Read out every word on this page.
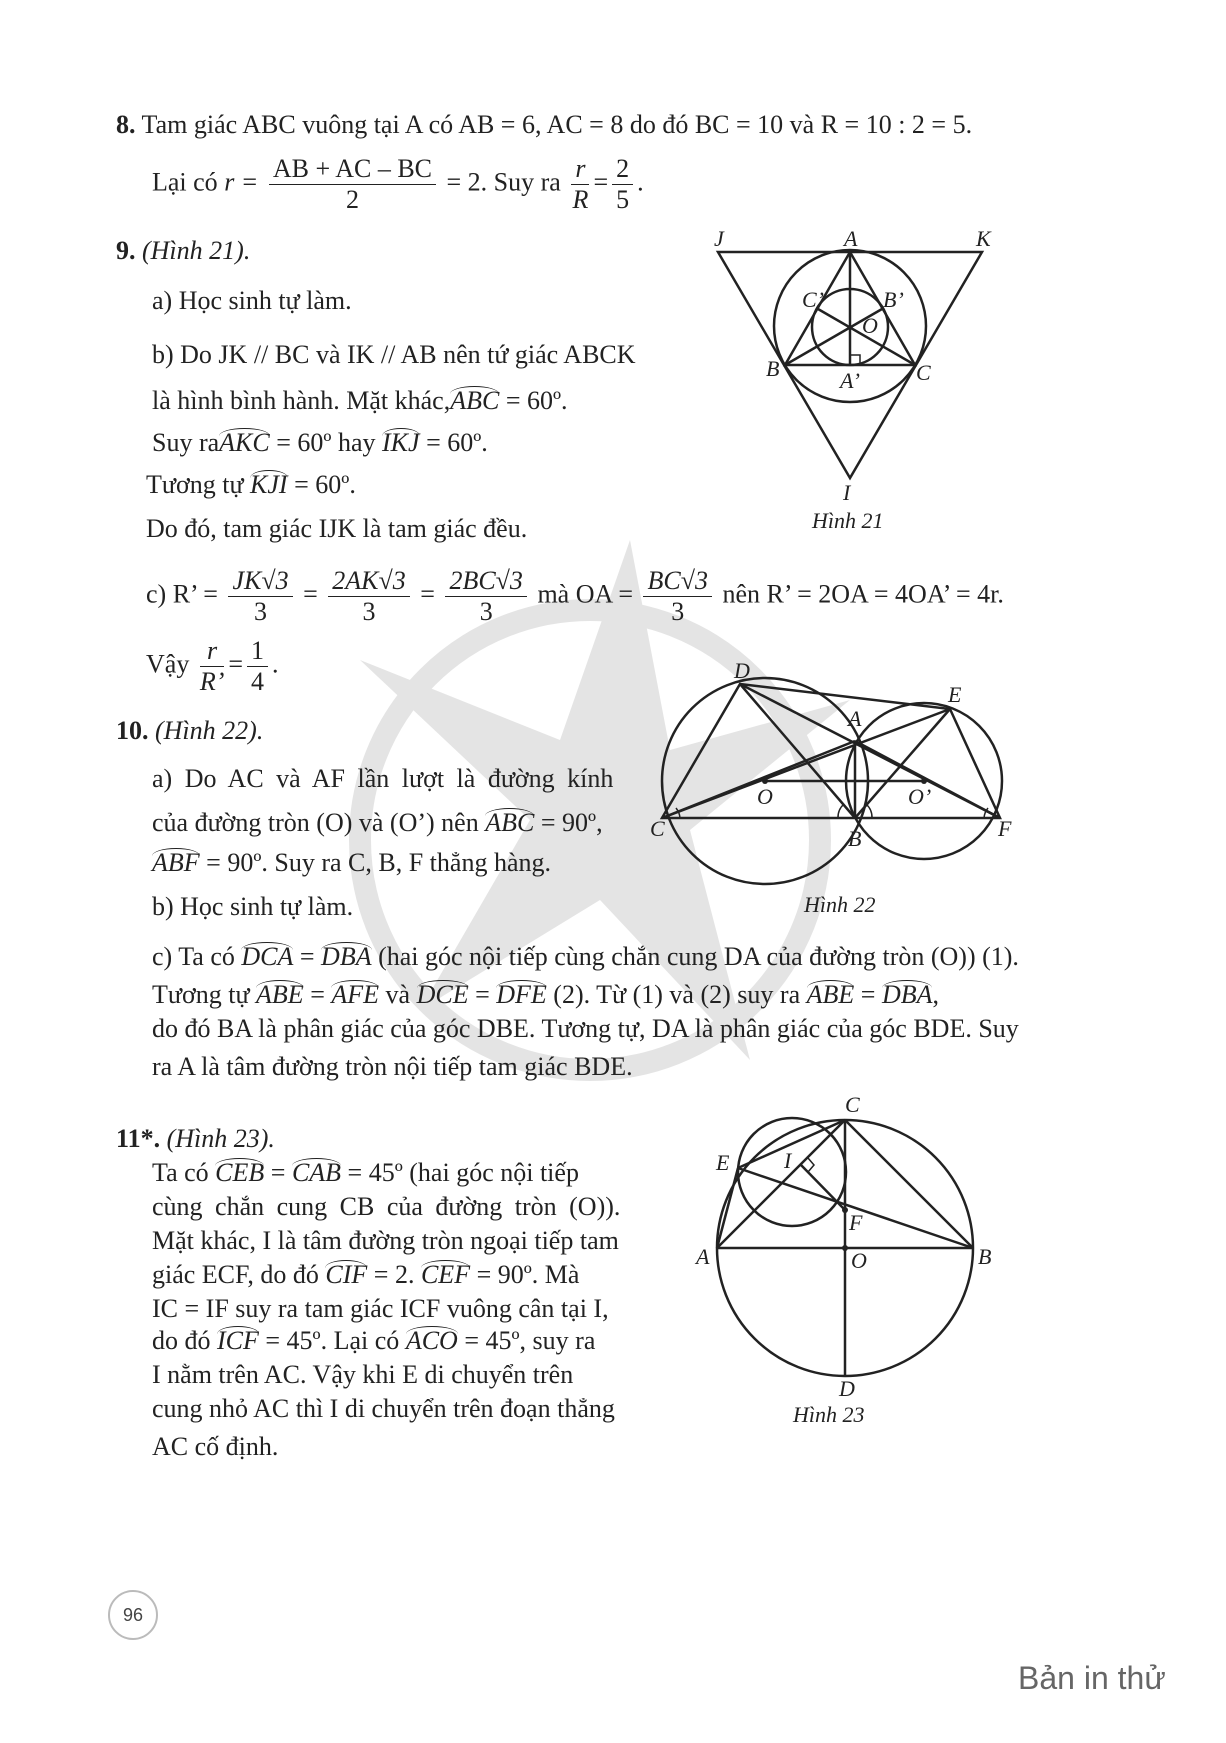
8. Tam giác ABC vuông tại A có AB = 6, AC = 8 do đó BC = 10 và R = 10 : 2 = 5.
Lại có $r = \frac{AB + AC - BC}{2} = 2$. Suy ra $\frac{r}{R} = \frac{2}{5}$ .
9. (Hình 21).
a) Học sinh tự làm.
b) Do JK // BC và IK // AB nên tứ giác ABCK
là hình bình hành. Mặt khác,ABC = 60º.
Suy raAKC = 60º hay IKJ = 60º.
Tương tự KJI = 60º.
Do đó, tam giác IJK là tam giác đều.
c) R’ = $\frac{JK√3}{3} = \frac{2AK√3}{3} = \frac{2BC√3}{3}$ mà OA = $\frac{BC√3}{3}$ nên R’ = 2OA = 4OA’ = 4r.
Vậy $\frac{r}{R’} = \frac{1}{4}$ .
J	A	K
C’	B’
O
B	A’	C
I
Hình 21
10. (Hình 22).
a) Do AC và AF lần lượt là đường kính
của đường tròn (O) và (O’) nên ABC = 90º,
ABF = 90º. Suy ra C, B, F thẳng hàng.
b) Học sinh tự làm.
c) Ta có DCA = DBA (hai góc nội tiếp cùng chắn cung DA của đường tròn (O)) (1).
Tương tự ABE = AFE và DCE = DFE (2). Từ (1) và (2) suy ra ABE = DBA,
do đó BA là phân giác của góc DBE. Tương tự, DA là phân giác của góc BDE. Suy
ra A là tâm đường tròn nội tiếp tam giác BDE.
D
E
A
O	O’
C	B	F
Hình 22
11*. (Hình 23).
Ta có CEB = CAB = 45º (hai góc nội tiếp
cùng chắn cung CB của đường tròn (O)).
Mặt khác, I là tâm đường tròn ngoại tiếp tam
giác ECF, do đó CIF = 2. CEF = 90º. Mà
IC = IF suy ra tam giác ICF vuông cân tại I,
do đó ICF = 45º. Lại có ACO = 45º, suy ra
I nằm trên AC. Vậy khi E di chuyển trên
cung nhỏ AC thì I di chuyển trên đoạn thẳng
AC cố định.
C
E I
F
A	O	B
D
Hình 23
96
Bản in thử
